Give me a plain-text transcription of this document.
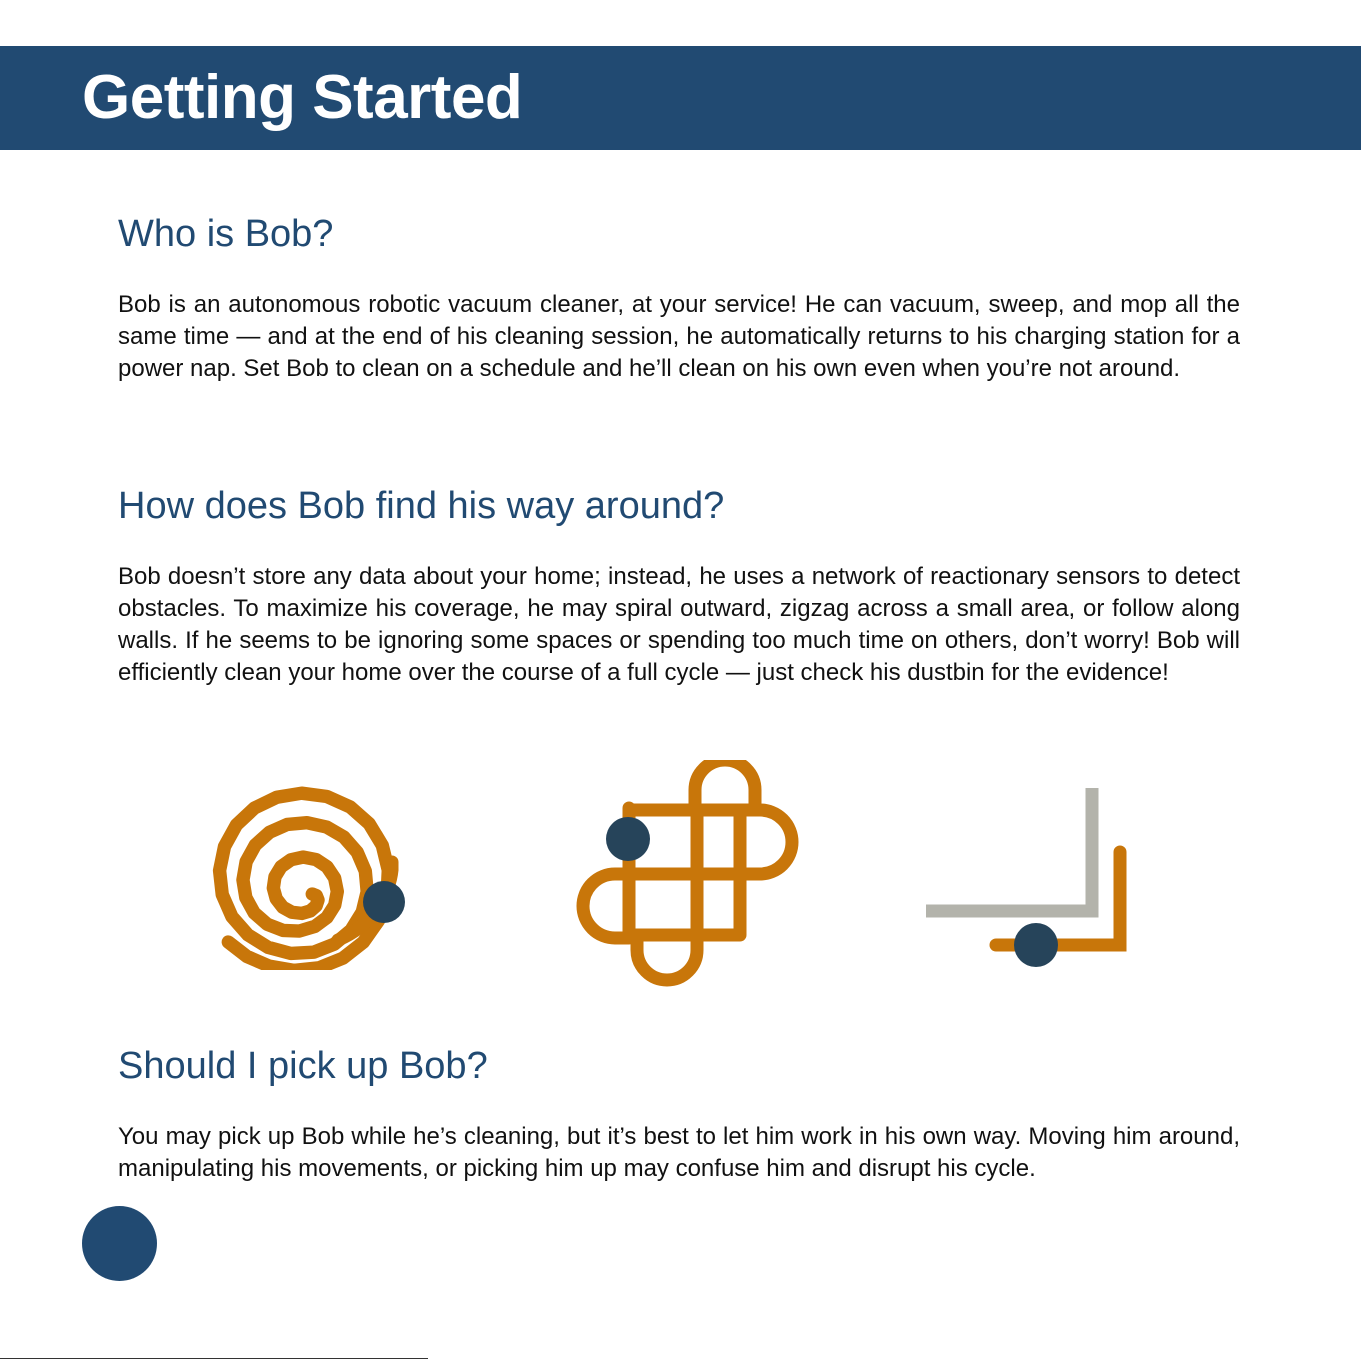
Getting Started
Who is Bob?

Bob is an autonomous robotic vacuum cleaner, at your service! He can vacuum, sweep, and mop all the same time — and at the end of his cleaning session, he automatically returns to his charging station for a power nap. Set Bob to clean on a schedule and he’ll clean on his own even when you’re not around.

How does Bob find his way around?

Bob doesn’t store any data about your home; instead, he uses a network of reactionary sensors to detect obstacles. To maximize his coverage, he may spiral outward, zigzag across a small area, or follow along walls. If he seems to be ignoring some spaces or spending too much time on others, don’t worry! Bob will efficiently clean your home over the course of a full cycle — just check his dustbin for the evidence!

Should I pick up Bob?

You may pick up Bob while he’s cleaning, but it’s best to let him work in his own way. Moving him around, manipulating his movements, or picking him up may confuse him and disrupt his cycle.
